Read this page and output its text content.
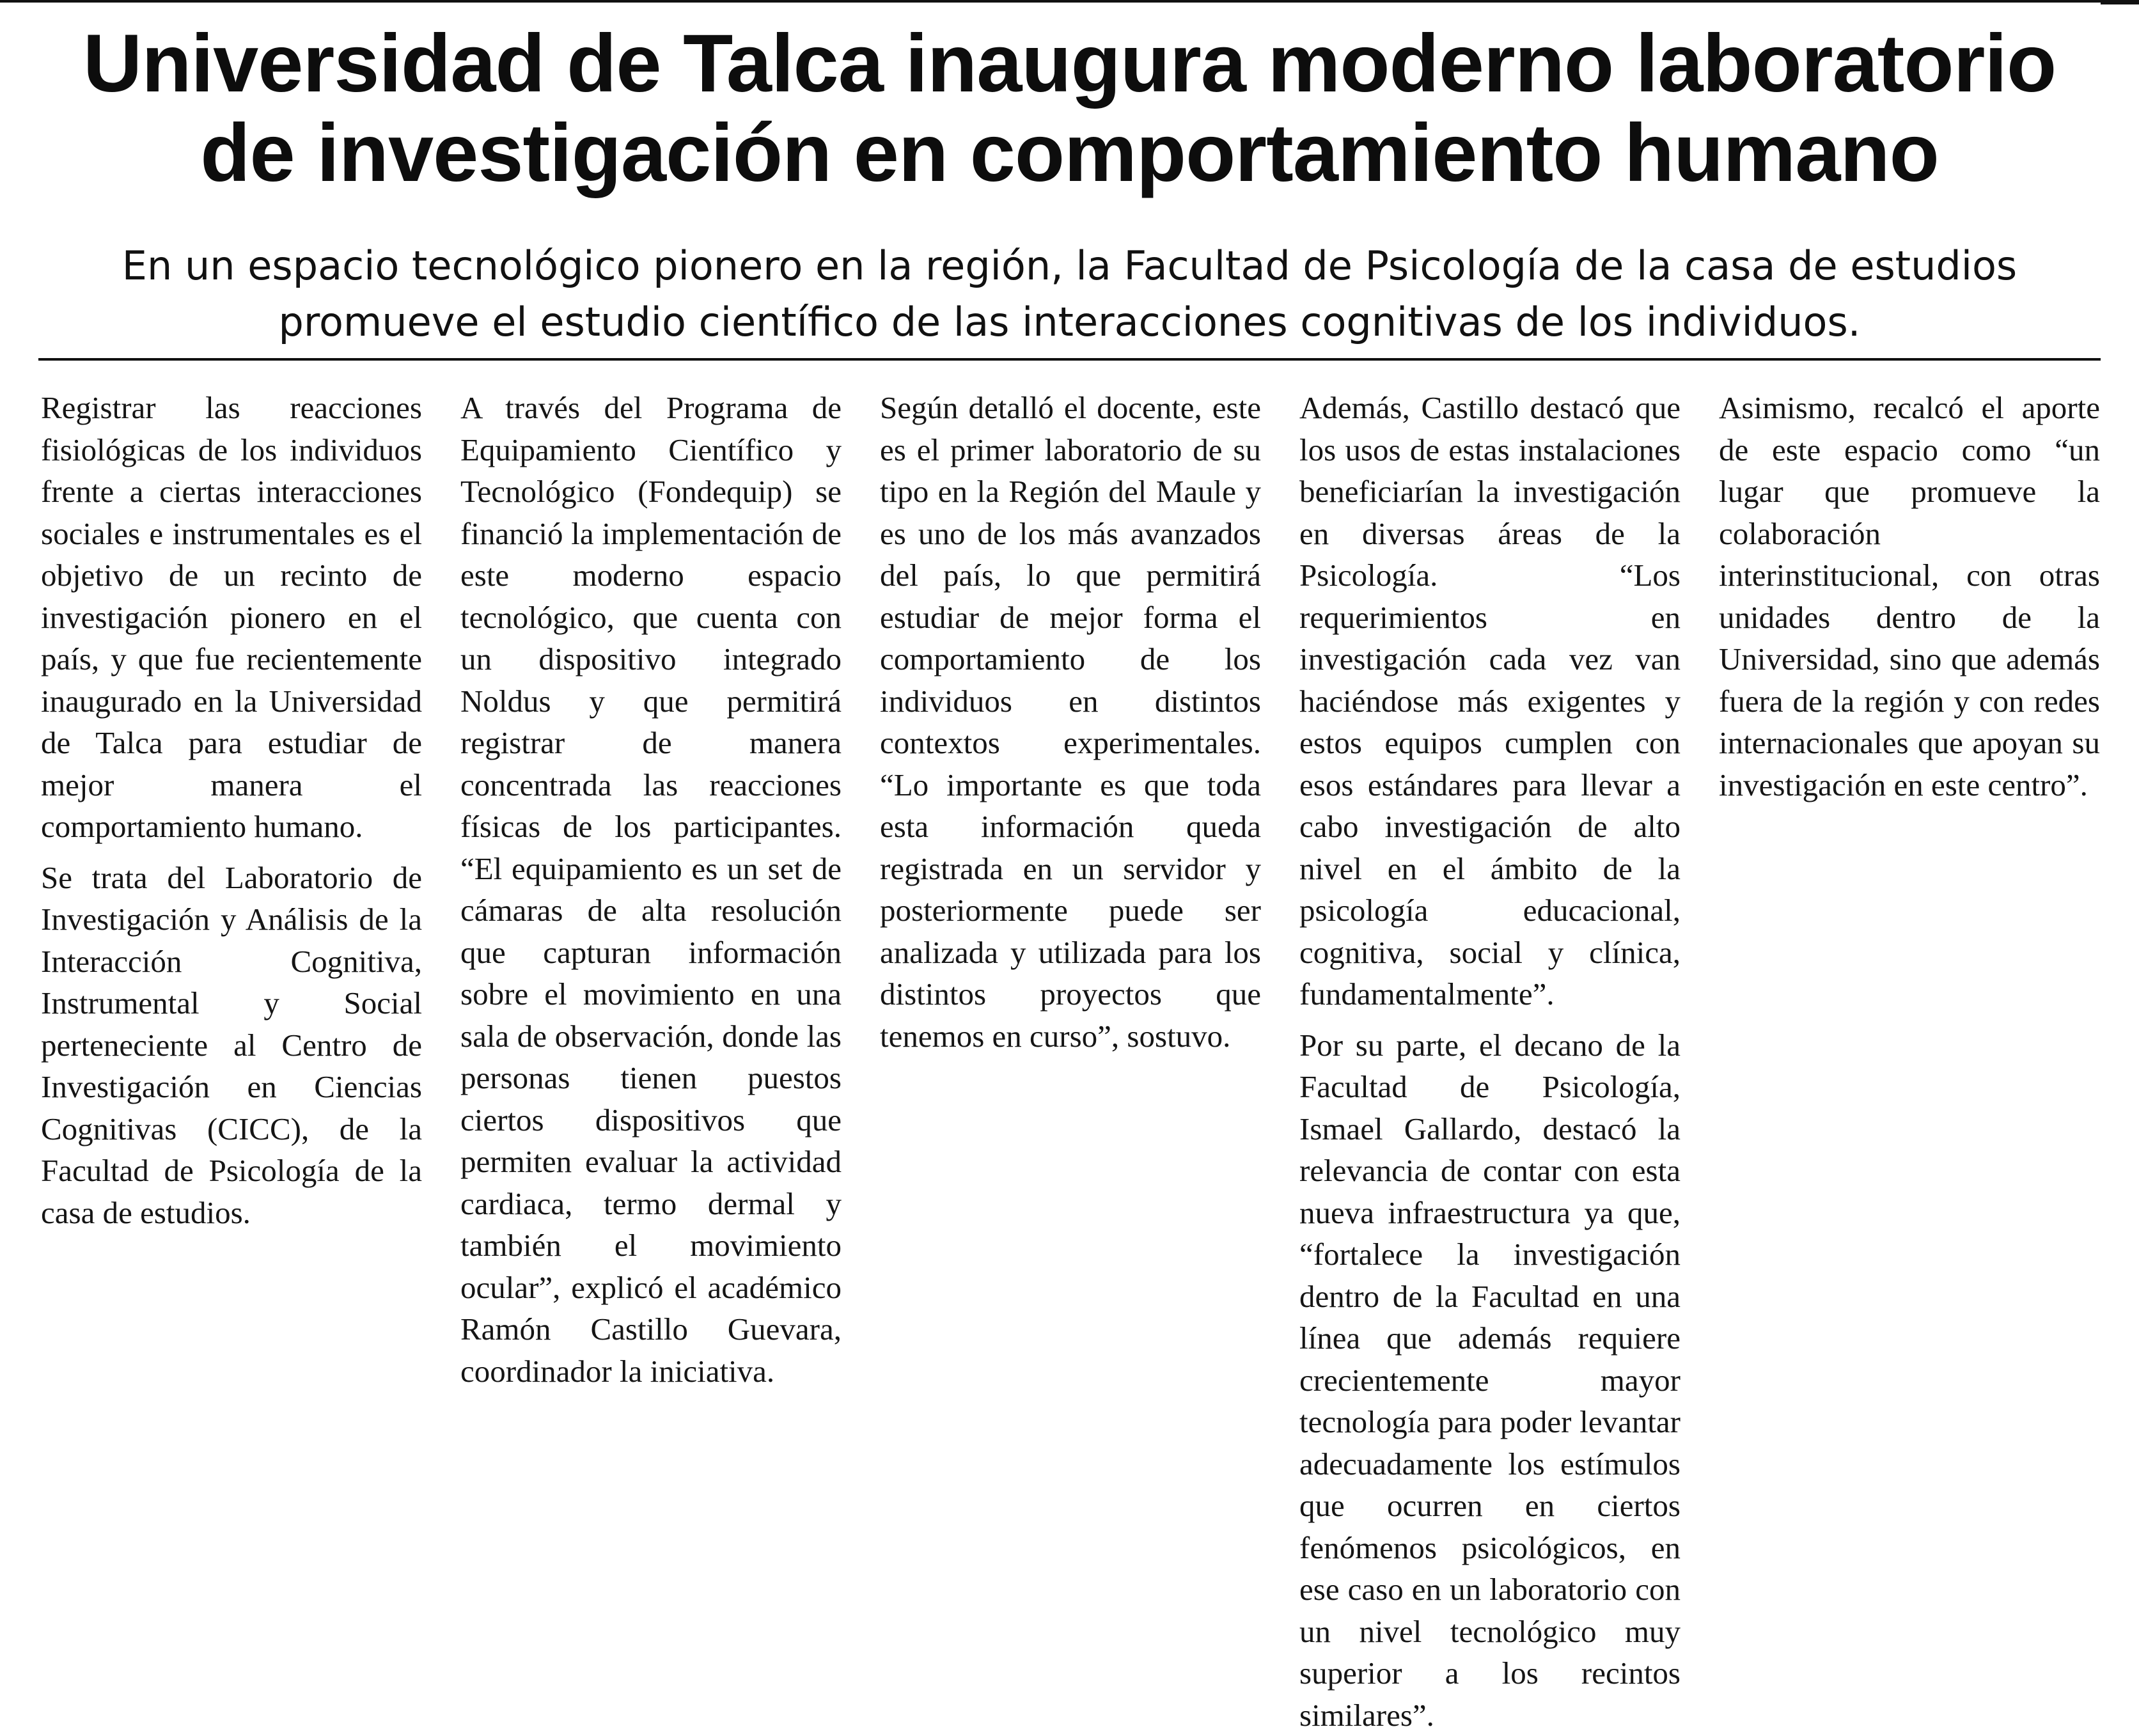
Universidad de Talca inaugura moderno laboratorio
de investigación en comportamiento humano
En un espacio tecnológico pionero en la región, la Facultad de Psicología de la casa de estudios
promueve el estudio científico de las interacciones cognitivas de los individuos.

Registrar las reacciones fisiológicas de los individuos frente a ciertas interacciones sociales e instrumentales es el objetivo de un recinto de investigación pionero en el país, y que fue recientemente inaugurado en la Universidad de Talca para estudiar de mejor manera el comportamiento humano.

Se trata del Laboratorio de Investigación y Análisis de la Interacción Cognitiva, Instrumental y Social perteneciente al Centro de Investigación en Ciencias Cognitivas (CICC), de la Facultad de Psicología de la casa de estudios.

A través del Programa de Equipamiento Científico y Tecnológico (Fondequip) se financió la implementación de este moderno espacio tecnológico, que cuenta con un dispositivo integrado Noldus y que permitirá registrar de manera concentrada las reacciones físicas de los participantes. “El equipamiento es un set de cámaras de alta resolución que capturan información sobre el movimiento en una sala de observación, donde las personas tienen puestos ciertos dispositivos que permiten evaluar la actividad cardiaca, termo dermal y también el movimiento ocular”, explicó el académico Ramón Castillo Guevara, coordinador la iniciativa.

Según detalló el docente, este es el primer laboratorio de su tipo en la Región del Maule y es uno de los más avanzados del país, lo que permitirá estudiar de mejor forma el comportamiento de los individuos en distintos contextos experimentales. “Lo importante es que toda esta información queda registrada en un servidor y posteriormente puede ser analizada y utilizada para los distintos proyectos que tenemos en curso”, sostuvo.

Además, Castillo destacó que los usos de estas instalaciones beneficiarían la investigación en diversas áreas de la Psicología. “Los requerimientos en investigación cada vez van haciéndose más exigentes y estos equipos cumplen con esos estándares para llevar a cabo investigación de alto nivel en el ámbito de la psicología educacional, cognitiva, social y clínica, fundamentalmente”.

Por su parte, el decano de la Facultad de Psicología, Ismael Gallardo, destacó la relevancia de contar con esta nueva infraestructura ya que, “fortalece la investigación dentro de la Facultad en una línea que además requiere crecientemente mayor tecnología para poder levantar adecuadamente los estímulos que ocurren en ciertos fenómenos psicológicos, en ese caso en un laboratorio con un nivel tecnológico muy superior a los recintos similares”.

Asimismo, recalcó el aporte de este espacio como “un lugar que promueve la colaboración interinstitucional, con otras unidades dentro de la Universidad, sino que además fuera de la región y con redes internacionales que apoyan su investigación en este centro”.
